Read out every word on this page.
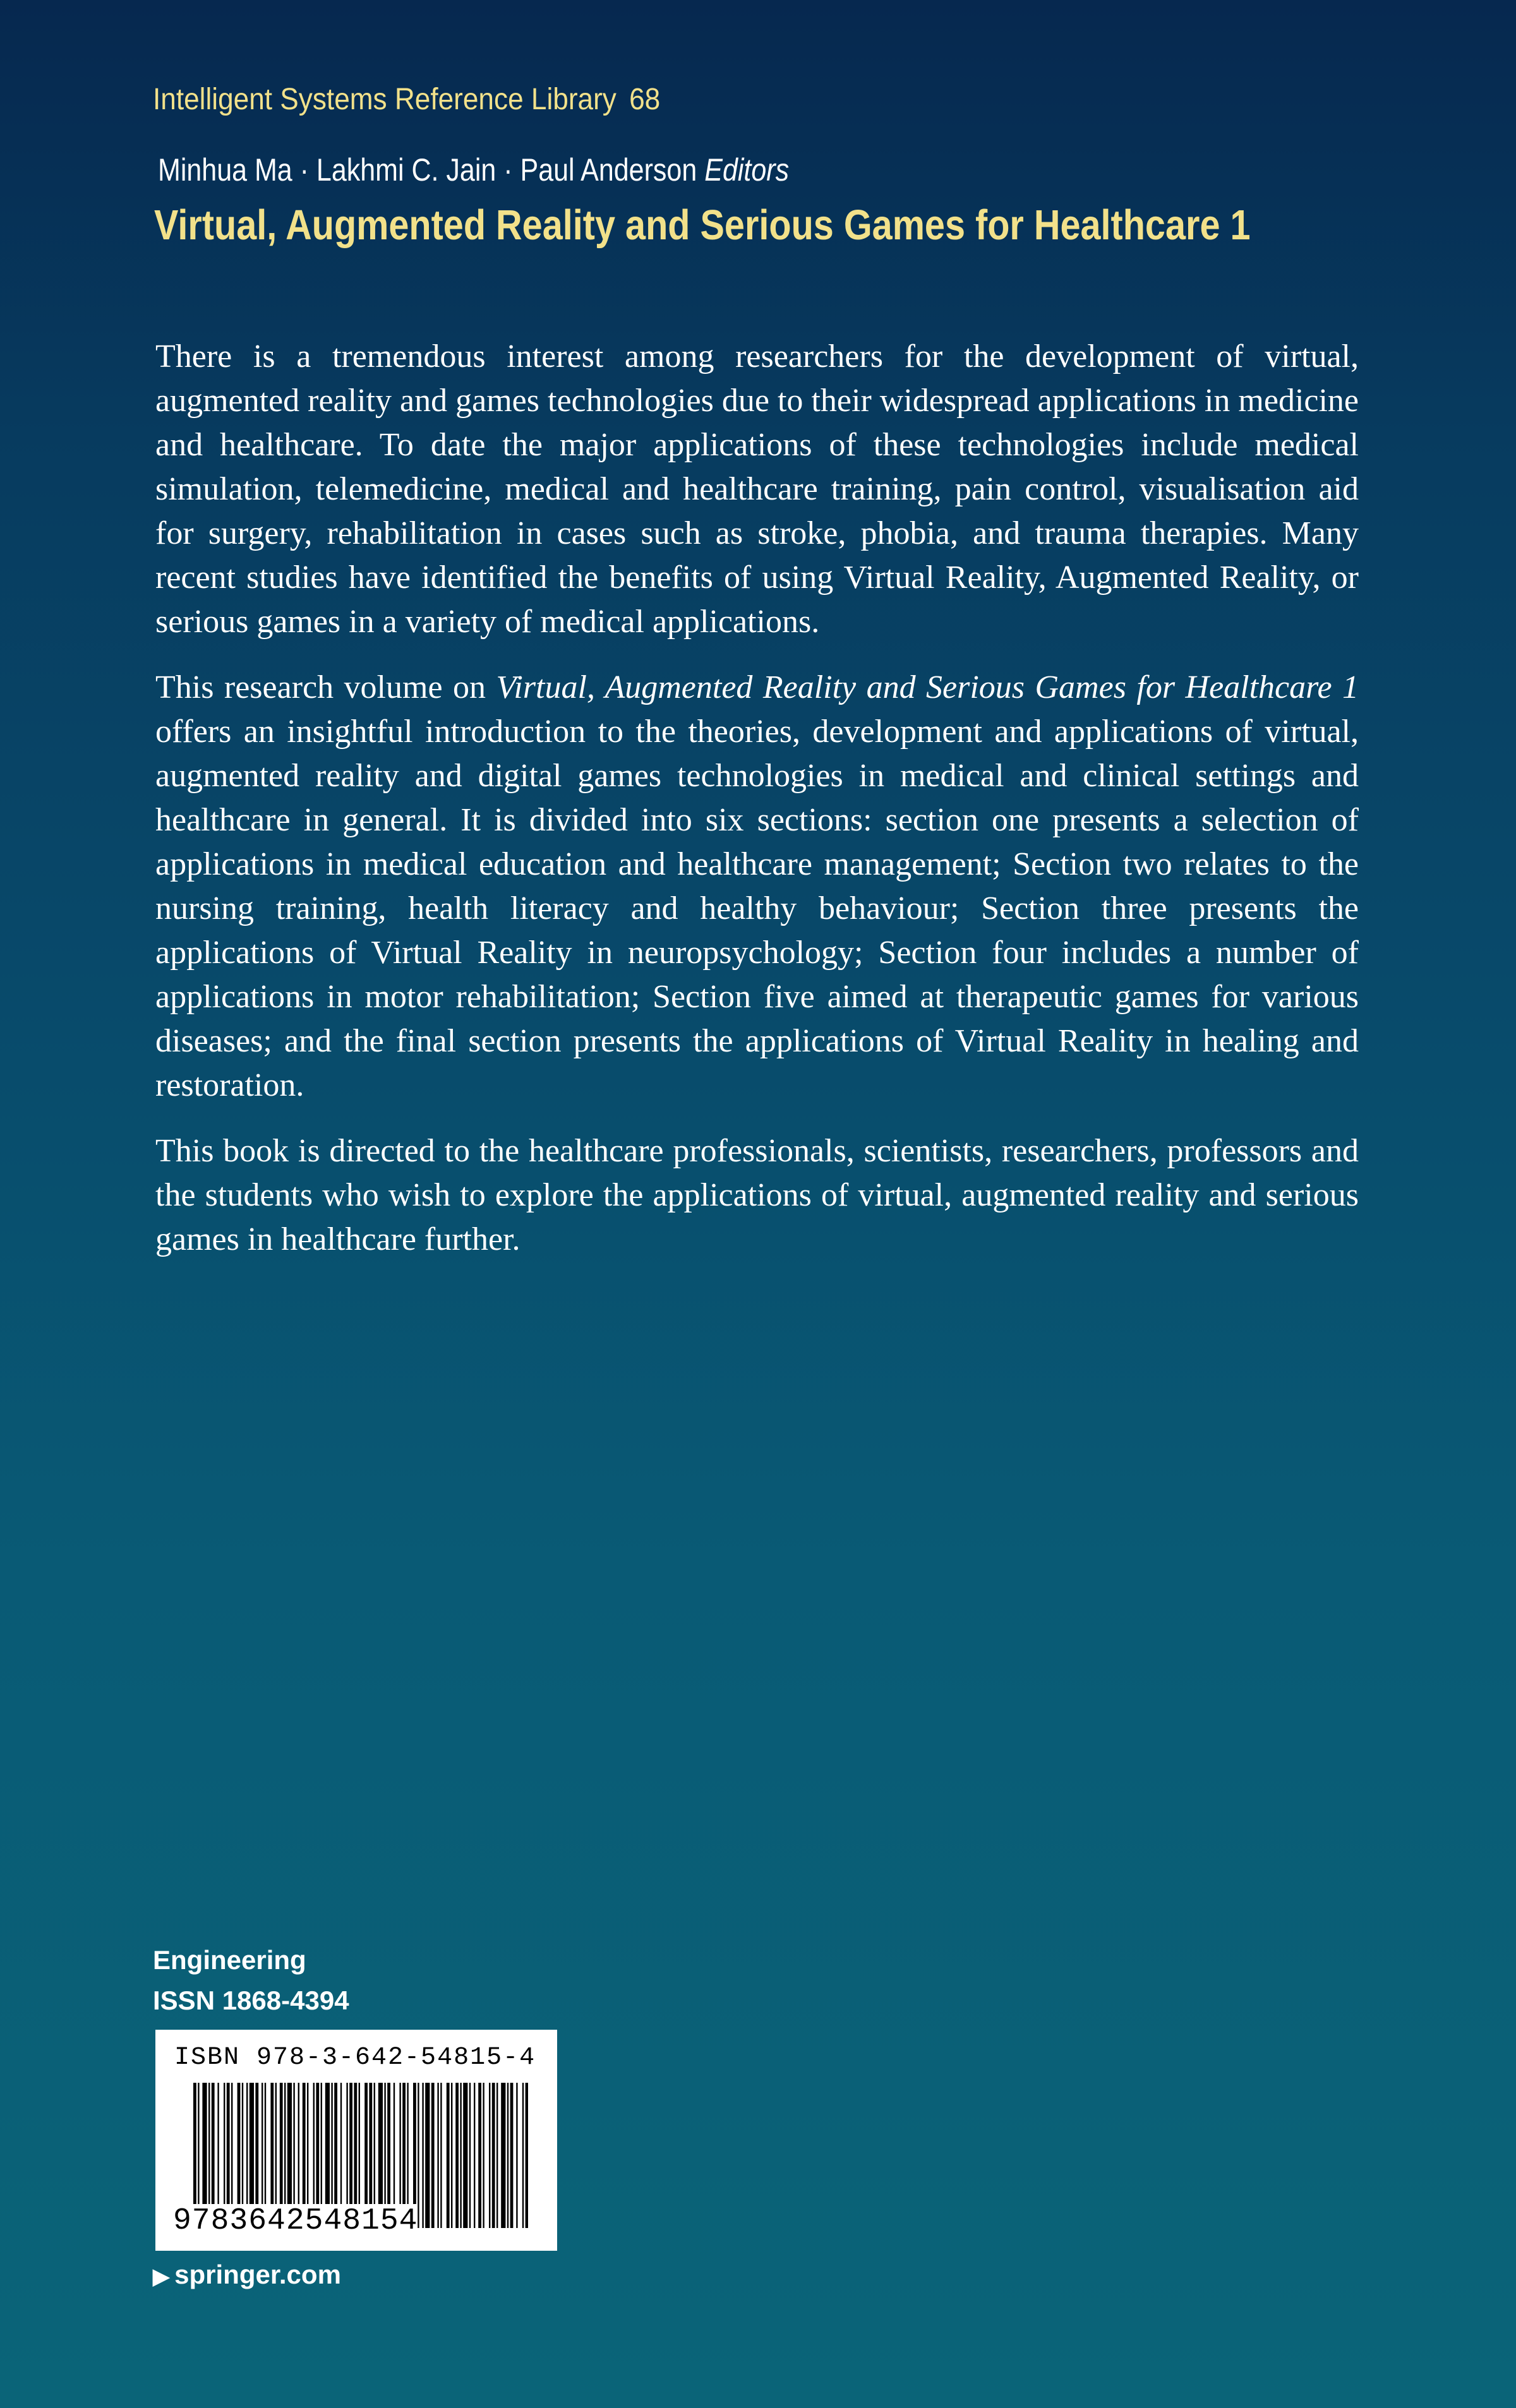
Intelligent Systems Reference Library 68
Minhua Ma · Lakhmi C. Jain · Paul Anderson Editors
Virtual, Augmented Reality and Serious Games for Healthcare 1

There is a tremendous interest among researchers for the development of virtual, augmented reality and games technologies due to their widespread applications in medicine and healthcare. To date the major applications of these technologies include medical simulation, telemedicine, medical and healthcare training, pain control, visualisation aid for surgery, rehabilitation in cases such as stroke, phobia, and trauma therapies. Many recent studies have identified the benefits of using Virtual Reality, Augmented Reality, or serious games in a variety of medical applications.

This research volume on Virtual, Augmented Reality and Serious Games for Healthcare 1 offers an insightful introduction to the theories, development and applications of virtual, augmented reality and digital games technologies in medical and clinical settings and healthcare in general. It is divided into six sections: section one presents a selection of applications in medical education and healthcare management; Section two relates to the nursing training, health literacy and healthy behaviour; Section three presents the applications of Virtual Reality in neuropsychology; Section four includes a number of applications in motor rehabilitation; Section five aimed at therapeutic games for various diseases; and the final section presents the applications of Virtual Reality in healing and restoration.

This book is directed to the healthcare professionals, scientists, researchers, professors and the students who wish to explore the applications of virtual, augmented reality and serious games in healthcare further.

Engineering
ISSN 1868-4394
ISBN 978-3-642-54815-4
9783642548154
▶ springer.com
